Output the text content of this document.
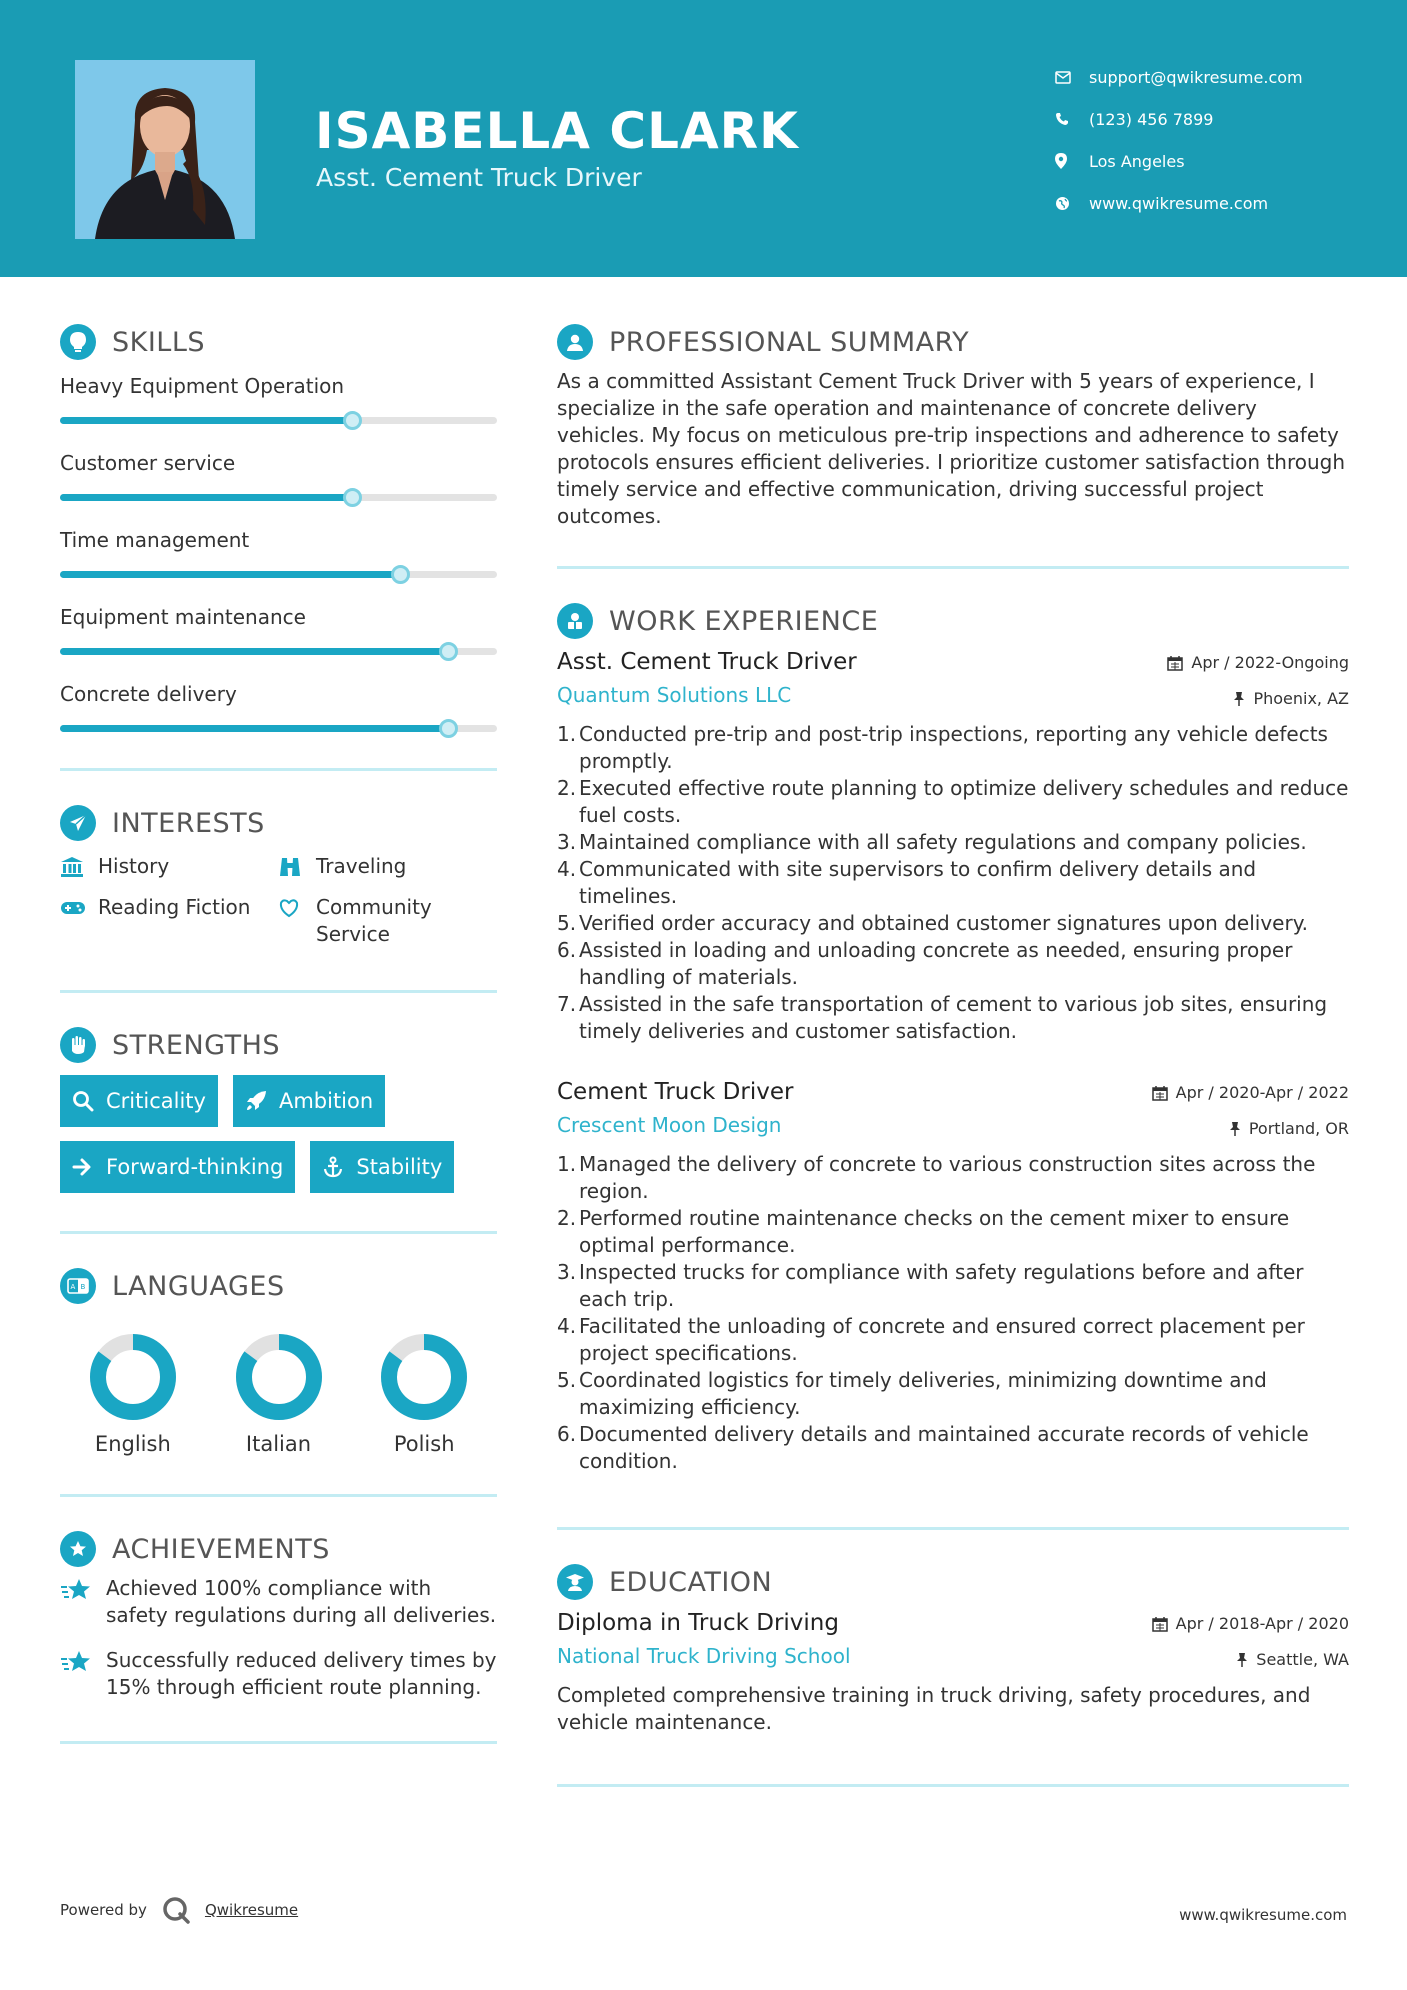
ISABELLA CLARK
Asst. Cement Truck Driver
support@qwikresume.com
(123) 456 7899
Los Angeles
www.qwikresume.com
SKILLS
Heavy Equipment Operation
Customer service
Time management
Equipment maintenance
Concrete delivery
INTERESTS
History	Traveling
Reading Fiction	Community Service
STRENGTHS
Criticality	Ambition
Forward-thinking	Stability
A B LANGUAGES
English	Italian	Polish
ACHIEVEMENTS
Achieved 100% compliance with safety regulations during all deliveries.
Successfully reduced delivery times by 15% through efficient route planning.
PROFESSIONAL SUMMARY
As a committed Assistant Cement Truck Driver with 5 years of experience, I specialize in the safe operation and maintenance of concrete delivery vehicles. My focus on meticulous pre-trip inspections and adherence to safety protocols ensures efficient deliveries. I prioritize customer satisfaction through timely service and effective communication, driving successful project outcomes.
WORK EXPERIENCE
Asst. Cement Truck Driver
Quantum Solutions LLC
Apr / 2022-Ongoing
Phoenix, AZ
1. Conducted pre-trip and post-trip inspections, reporting any vehicle defects promptly.
2. Executed effective route planning to optimize delivery schedules and reduce fuel costs.
3. Maintained compliance with all safety regulations and company policies.
4. Communicated with site supervisors to confirm delivery details and timelines.
5. Verified order accuracy and obtained customer signatures upon delivery.
6. Assisted in loading and unloading concrete as needed, ensuring proper handling of materials.
7. Assisted in the safe transportation of cement to various job sites, ensuring timely deliveries and customer satisfaction.
Cement Truck Driver
Crescent Moon Design
Apr / 2020-Apr / 2022
Portland, OR
1. Managed the delivery of concrete to various construction sites across the region.
2. Performed routine maintenance checks on the cement mixer to ensure optimal performance.
3. Inspected trucks for compliance with safety regulations before and after each trip.
4. Facilitated the unloading of concrete and ensured correct placement per project specifications.
5. Coordinated logistics for timely deliveries, minimizing downtime and maximizing efficiency.
6. Documented delivery details and maintained accurate records of vehicle condition.
EDUCATION
Diploma in Truck Driving
National Truck Driving School
Apr / 2018-Apr / 2020
Seattle, WA
Completed comprehensive training in truck driving, safety procedures, and vehicle maintenance.
Powered by	Qwikresume	www.qwikresume.com
